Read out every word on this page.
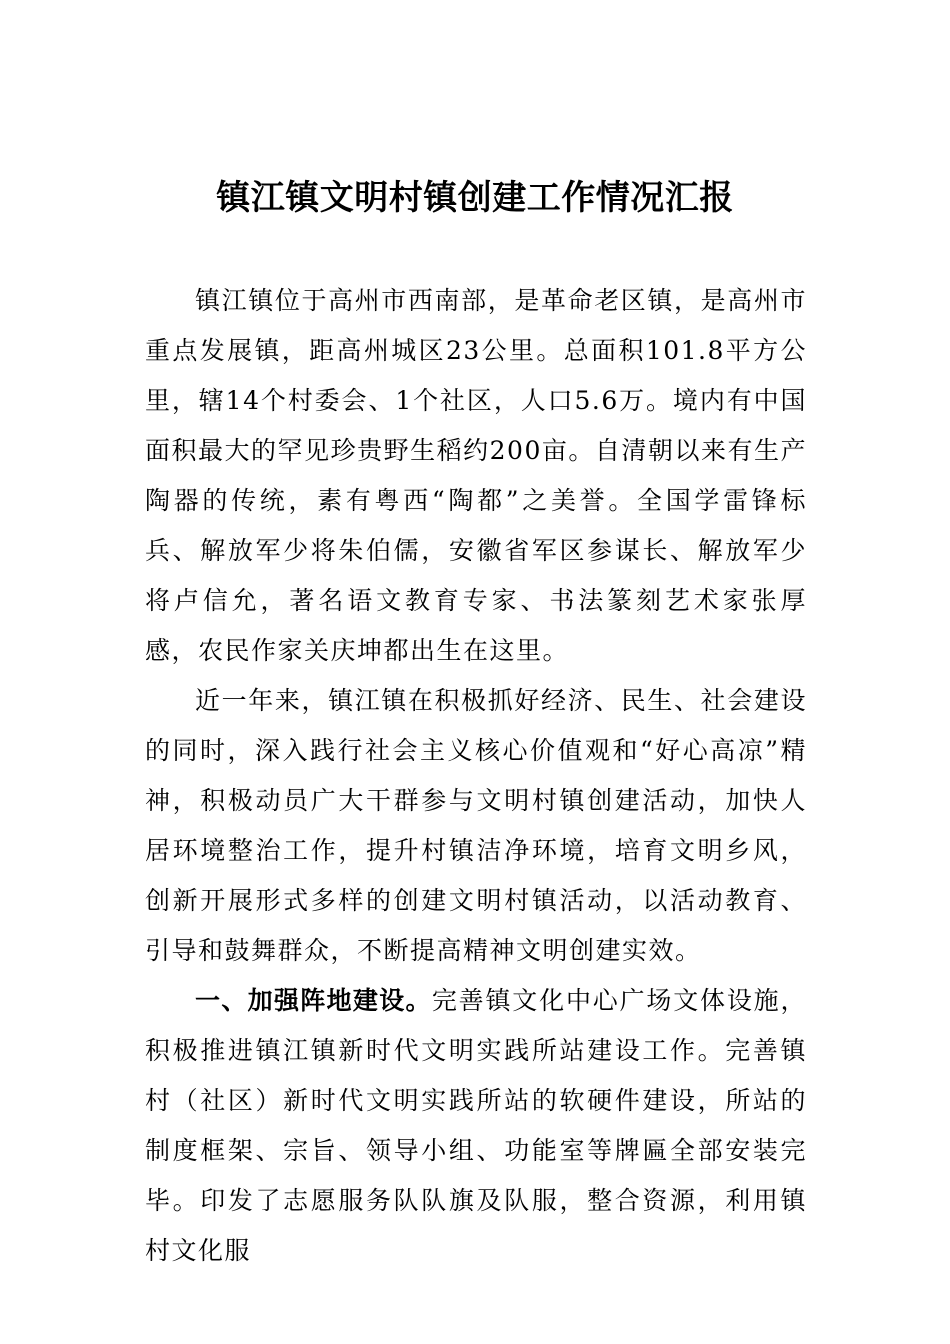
镇江镇文明村镇创建工作情况汇报

镇江镇位于高州市西南部，是革命老区镇，是高州市重点发展镇，距高州城区23公里。总面积101.8平方公里，辖14个村委会、1个社区，人口5.6万。境内有中国面积最大的罕见珍贵野生稻约200亩。自清朝以来有生产陶器的传统，素有粤西“陶都”之美誉。全国学雷锋标兵、解放军少将朱伯儒，安徽省军区参谋长、解放军少将卢信允，著名语文教育专家、书法篆刻艺术家张厚感，农民作家关庆坤都出生在这里。

近一年来，镇江镇在积极抓好经济、民生、社会建设的同时，深入践行社会主义核心价值观和“好心高凉”精神，积极动员广大干群参与文明村镇创建活动，加快人居环境整治工作，提升村镇洁净环境，培育文明乡风，创新开展形式多样的创建文明村镇活动，以活动教育、引导和鼓舞群众，不断提高精神文明创建实效。

一、加强阵地建设。完善镇文化中心广场文体设施，积极推进镇江镇新时代文明实践所站建设工作。完善镇村（社区）新时代文明实践所站的软硬件建设，所站的制度框架、宗旨、领导小组、功能室等牌匾全部安装完毕。印发了志愿服务队队旗及队服，整合资源，利用镇村文化服
